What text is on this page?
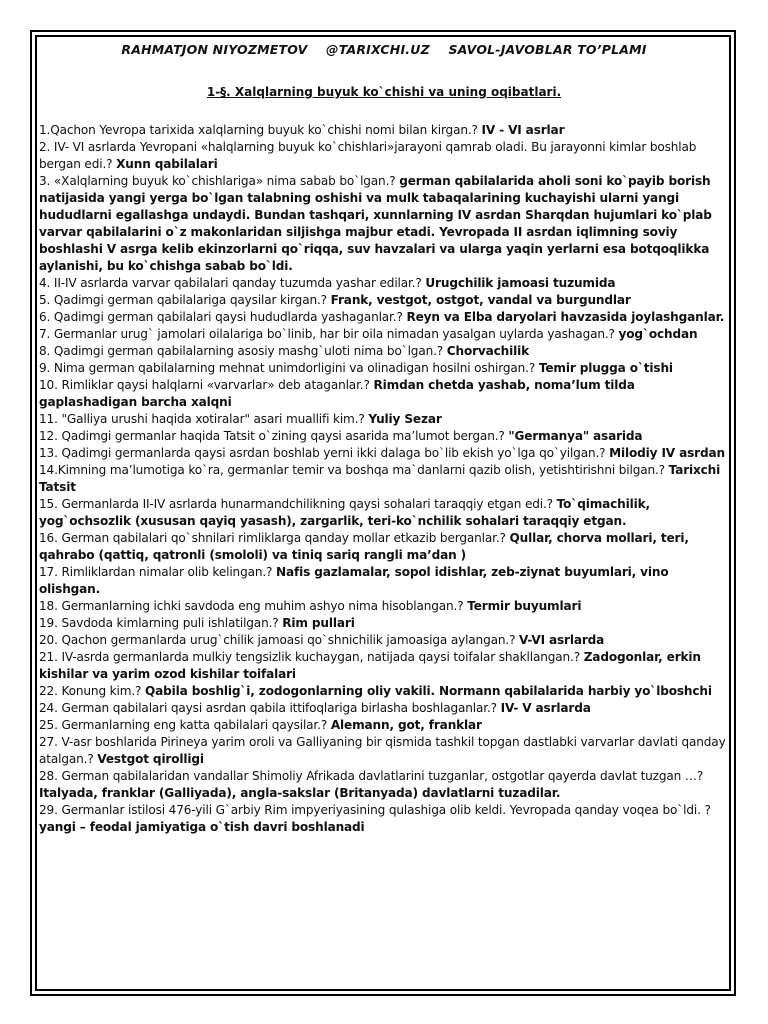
RAHMATJON NIYOZMETOV @TARIXCHI.UZ SAVOL-JAVOBLAR TO’PLAMI
1-§. Xalqlarning buyuk ko`chishi va uning oqibatlari.

1.Qachon Yevropa tarixida xalqlarning buyuk ko`chishi nomi bilan kirgan.? IV - VI asrlar

2. IV- VI asrlarda Yevropani «halqlarning buyuk ko`chishlari»jarayoni qamrab oladi. Bu jarayonni kimlar boshlab bergan edi.? Xunn qabilalari

3. «Xalqlarning buyuk ko`chishlariga» nima sabab bo`lgan.? german qabilalarida aholi soni ko`payib borish natijasida yangi yerga bo`lgan talabning oshishi va mulk tabaqalarining kuchayishi ularni yangi hududlarni egallashga undaydi. Bundan tashqari, xunnlarning IV asrdan Sharqdan hujumlari ko`plab varvar qabilalarini o`z makonlaridan siljishga majbur etadi. Yevropada II asrdan iqlimning soviy boshlashi V asrga kelib ekinzorlarni qo`riqqa, suv havzalari va ularga yaqin yerlarni esa botqoqlikka aylanishi, bu ko`chishga sabab bo`ldi.

4. II-IV asrlarda varvar qabilalari qanday tuzumda yashar edilar.? Urugchilik jamoasi tuzumida

5. Qadimgi german qabilalariga qaysilar kirgan.? Frank, vestgot, ostgot, vandal va burgundlar

6. Qadimgi german qabilalari qaysi hududlarda yashaganlar.? Reyn va Elba daryolari havzasida joylashganlar.

7. Germanlar urug` jamolari oilalariga bo`linib, har bir oila nimadan yasalgan uylarda yashagan.? yog`ochdan

8. Qadimgi german qabilalarning asosiy mashg`uloti nima bo`lgan.? Chorvachilik

9. Nima german qabilalarning mehnat unimdorligini va olinadigan hosilni oshirgan.? Temir plugga o`tishi

10. Rimliklar qaysi halqlarni «varvarlar» deb ataganlar.? Rimdan chetda yashab, noma’lum tilda gaplashadigan barcha xalqni

11. "Galliya urushi haqida xotiralar" asari muallifi kim.? Yuliy Sezar

12. Qadimgi germanlar haqida Tatsit o`zining qaysi asarida ma’lumot bergan.? "Germanya" asarida

13. Qadimgi germanlarda qaysi asrdan boshlab yerni ikki dalaga bo`lib ekish yo`lga qo`yilgan.? Milodiy IV asrdan

14.Kimning ma’lumotiga ko`ra, germanlar temir va boshqa ma`danlarni qazib olish, yetishtirishni bilgan.? Tarixchi Tatsit

15. Germanlarda II-IV asrlarda hunarmandchilikning qaysi sohalari taraqqiy etgan edi.? To`qimachilik, yog`ochsozlik (xususan qayiq yasash), zargarlik, teri-ko`nchilik sohalari taraqqiy etgan.

16. German qabilalari qo`shnilari rimliklarga qanday mollar etkazib berganlar.? Qullar, chorva mollari, teri, qahrabo (qattiq, qatronli (smololi) va tiniq sariq rangli ma’dan )

17. Rimliklardan nimalar olib kelingan.? Nafis gazlamalar, sopol idishlar, zeb-ziynat buyumlari, vino olishgan.

18. Germanlarning ichki savdoda eng muhim ashyo nima hisoblangan.? Termir buyumlari

19. Savdoda kimlarning puli ishlatilgan.? Rim pullari

20. Qachon germanlarda urug`chilik jamoasi qo`shnichilik jamoasiga aylangan.? V-VI asrlarda

21. IV-asrda germanlarda mulkiy tengsizlik kuchaygan, natijada qaysi toifalar shakllangan.? Zadogonlar, erkin kishilar va yarim ozod kishilar toifalari

22. Konung kim.? Qabila boshlig`i, zodogonlarning oliy vakili. Normann qabilalarida harbiy yo`lboshchi

24. German qabilalari qaysi asrdan qabila ittifoqlariga birlasha boshlaganlar.? IV- V asrlarda

25. Germanlarning eng katta qabilalari qaysilar.? Alemann, got, franklar

27. V-asr boshlarida Pirineya yarim oroli va Galliyaning bir qismida tashkil topgan dastlabki varvarlar davlati qanday atalgan.? Vestgot qirolligi

28. German qabilalaridan vandallar Shimoliy Afrikada davlatlarini tuzganlar, ostgotlar qayerda davlat tuzgan …? Italyada, franklar (Galliyada), angla-sakslar (Britanyada) davlatlarni tuzadilar.

29. Germanlar istilosi 476-yili G`arbiy Rim impyeriyasining qulashiga olib keldi. Yevropada qanday voqea bo`ldi. ? yangi – feodal jamiyatiga o`tish davri boshlanadi
